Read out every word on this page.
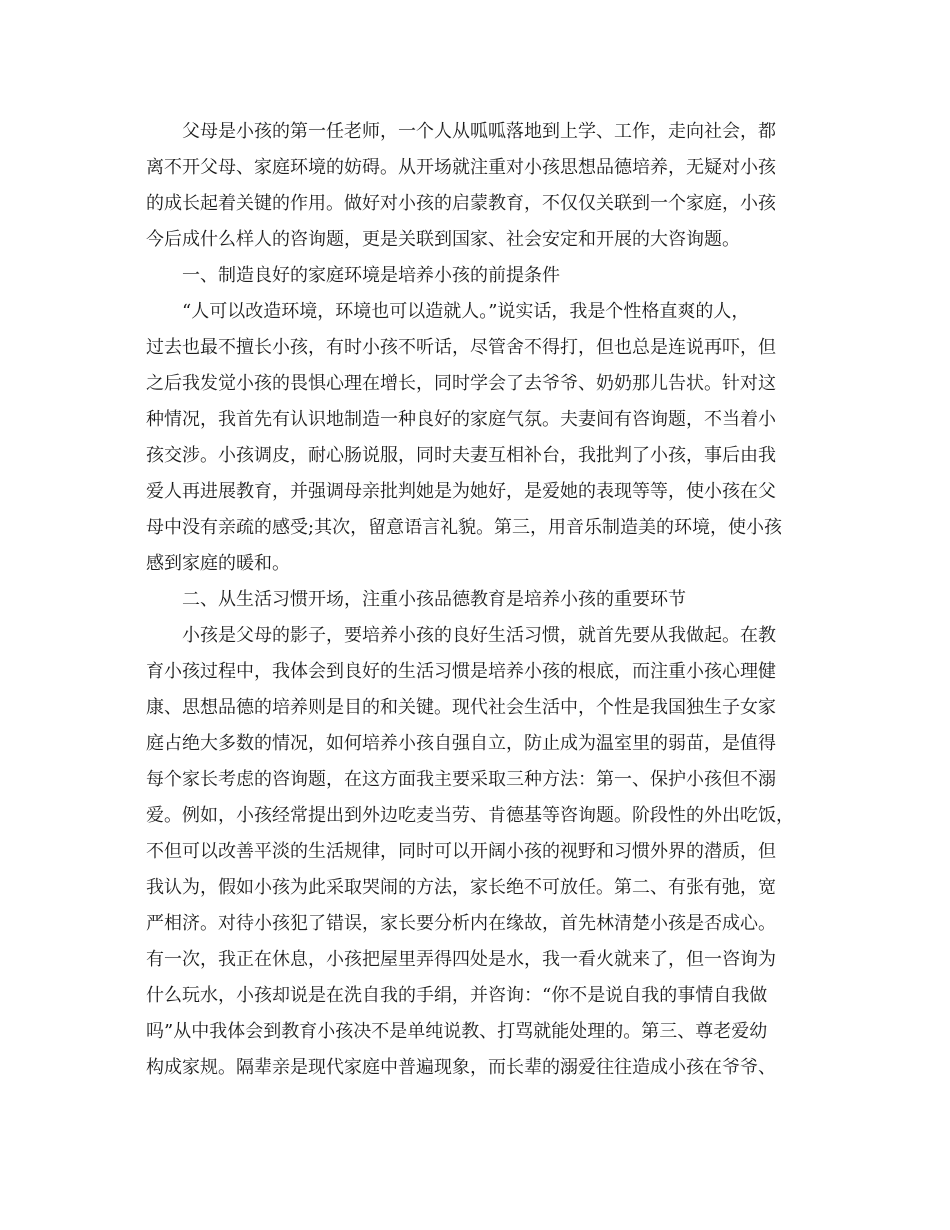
父母是小孩的第一任老师，一个人从呱呱落地到上学、工作，走向社会，都
离不开父母、家庭环境的妨碍。从开场就注重对小孩思想品德培养，无疑对小孩
的成长起着关键的作用。做好对小孩的启蒙教育，不仅仅关联到一个家庭，小孩
今后成什么样人的咨询题，更是关联到国家、社会安定和开展的大咨询题。
一、制造良好的家庭环境是培养小孩的前提条件
“人可以改造环境，环境也可以造就人。”说实话，我是个性格直爽的人，
过去也最不擅长小孩，有时小孩不听话，尽管舍不得打，但也总是连说再吓，但
之后我发觉小孩的畏惧心理在增长，同时学会了去爷爷、奶奶那儿告状。针对这
种情况，我首先有认识地制造一种良好的家庭气氛。夫妻间有咨询题，不当着小
孩交涉。小孩调皮，耐心肠说服，同时夫妻互相补台，我批判了小孩，事后由我
爱人再进展教育，并强调母亲批判她是为她好，是爱她的表现等等，使小孩在父
母中没有亲疏的感受;其次，留意语言礼貌。第三，用音乐制造美的环境，使小孩
感到家庭的暖和。
二、从生活习惯开场，注重小孩品德教育是培养小孩的重要环节
小孩是父母的影子，要培养小孩的良好生活习惯，就首先要从我做起。在教
育小孩过程中，我体会到良好的生活习惯是培养小孩的根底，而注重小孩心理健
康、思想品德的培养则是目的和关键。现代社会生活中，个性是我国独生子女家
庭占绝大多数的情况，如何培养小孩自强自立，防止成为温室里的弱苗，是值得
每个家长考虑的咨询题，在这方面我主要采取三种方法：第一、保护小孩但不溺
爱。例如，小孩经常提出到外边吃麦当劳、肯德基等咨询题。阶段性的外出吃饭，
不但可以改善平淡的生活规律，同时可以开阔小孩的视野和习惯外界的潜质，但
我认为，假如小孩为此采取哭闹的方法，家长绝不可放任。第二、有张有弛，宽
严相济。对待小孩犯了错误，家长要分析内在缘故，首先林清楚小孩是否成心。
有一次，我正在休息，小孩把屋里弄得四处是水，我一看火就来了，但一咨询为
什么玩水，小孩却说是在洗自我的手绢，并咨询：“你不是说自我的事情自我做
吗”从中我体会到教育小孩决不是单纯说教、打骂就能处理的。第三、尊老爱幼
构成家规。隔辈亲是现代家庭中普遍现象，而长辈的溺爱往往造成小孩在爷爷、
